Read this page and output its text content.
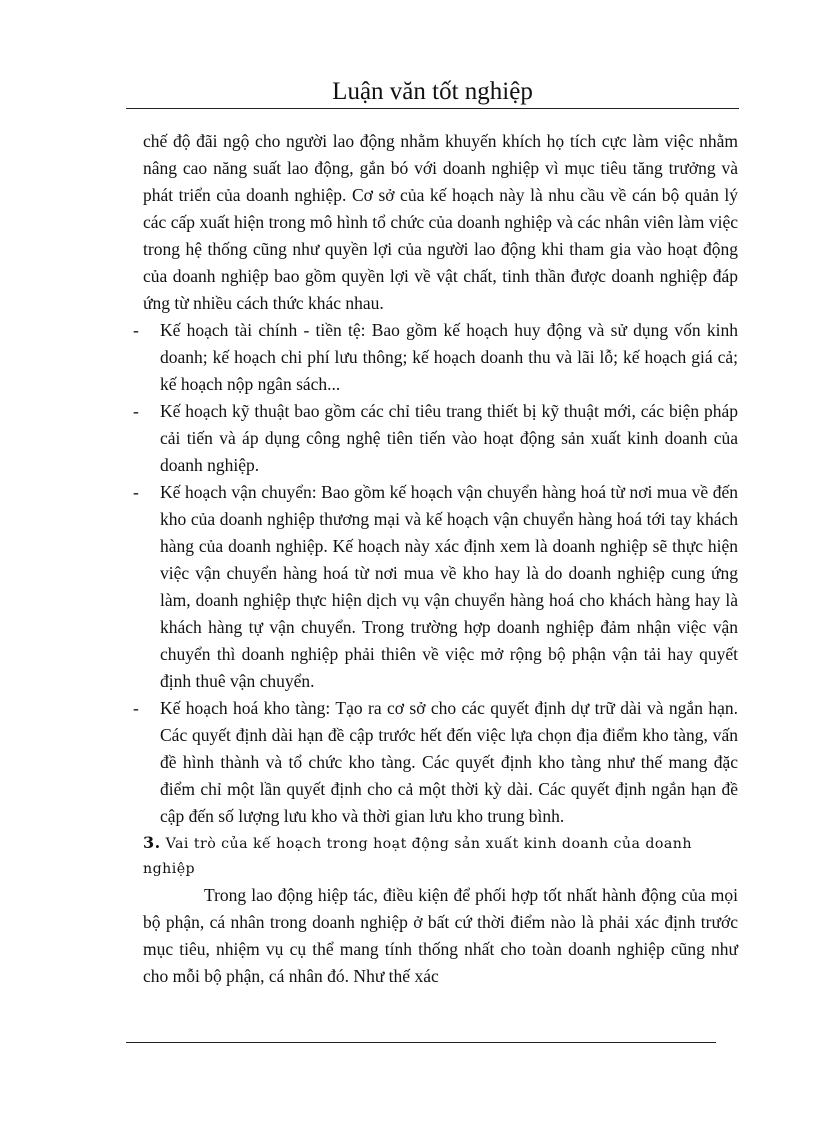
Luận văn tốt nghiệp

chế độ đãi ngộ cho người lao động nhằm khuyến khích họ tích cực làm việc nhằm nâng cao năng suất lao động, gắn bó với doanh nghiệp vì mục tiêu tăng trưởng và phát triển của doanh nghiệp. Cơ sở của kế hoạch này là nhu cầu về cán bộ quản lý các cấp xuất hiện trong mô hình tổ chức của doanh nghiệp và các nhân viên làm việc trong hệ thống cũng như quyền lợi của người lao động khi tham gia vào hoạt động của doanh nghiệp bao gồm quyền lợi về vật chất, tinh thần được doanh nghiệp đáp ứng từ nhiều cách thức khác nhau.

- Kế hoạch tài chính - tiền tệ: Bao gồm kế hoạch huy động và sử dụng vốn kinh doanh; kế hoạch chi phí lưu thông; kế hoạch doanh thu và lãi lỗ; kế hoạch giá cả; kế hoạch nộp ngân sách...

- Kế hoạch kỹ thuật bao gồm các chỉ tiêu trang thiết bị kỹ thuật mới, các biện pháp cải tiến và áp dụng công nghệ tiên tiến vào hoạt động sản xuất kinh doanh của doanh nghiệp.

- Kế hoạch vận chuyển: Bao gồm kế hoạch vận chuyển hàng hoá từ nơi mua về đến kho của doanh nghiệp thương mại và kế hoạch vận chuyển hàng hoá tới tay khách hàng của doanh nghiệp. Kế hoạch này xác định xem là doanh nghiệp sẽ thực hiện việc vận chuyển hàng hoá từ nơi mua về kho hay là do doanh nghiệp cung ứng làm, doanh nghiệp thực hiện dịch vụ vận chuyển hàng hoá cho khách hàng hay là khách hàng tự vận chuyển. Trong trường hợp doanh nghiệp đảm nhận việc vận chuyển thì doanh nghiệp phải thiên về việc mở rộng bộ phận vận tải hay quyết định thuê vận chuyển.

- Kế hoạch hoá kho tàng: Tạo ra cơ sở cho các quyết định dự trữ dài và ngắn hạn. Các quyết định dài hạn đề cập trước hết đến việc lựa chọn địa điểm kho tàng, vấn đề hình thành và tổ chức kho tàng. Các quyết định kho tàng như thế mang đặc điểm chỉ một lần quyết định cho cả một thời kỳ dài. Các quyết định ngắn hạn đề cập đến số lượng lưu kho và thời gian lưu kho trung bình.

3. Vai trò của kế hoạch trong hoạt động sản xuất kinh doanh của doanh nghiệp

Trong lao động hiệp tác, điều kiện để phối hợp tốt nhất hành động của mọi bộ phận, cá nhân trong doanh nghiệp ở bất cứ thời điểm nào là phải xác định trước mục tiêu, nhiệm vụ cụ thể mang tính thống nhất cho toàn doanh nghiệp cũng như cho mỗi bộ phận, cá nhân đó. Như thế xác
